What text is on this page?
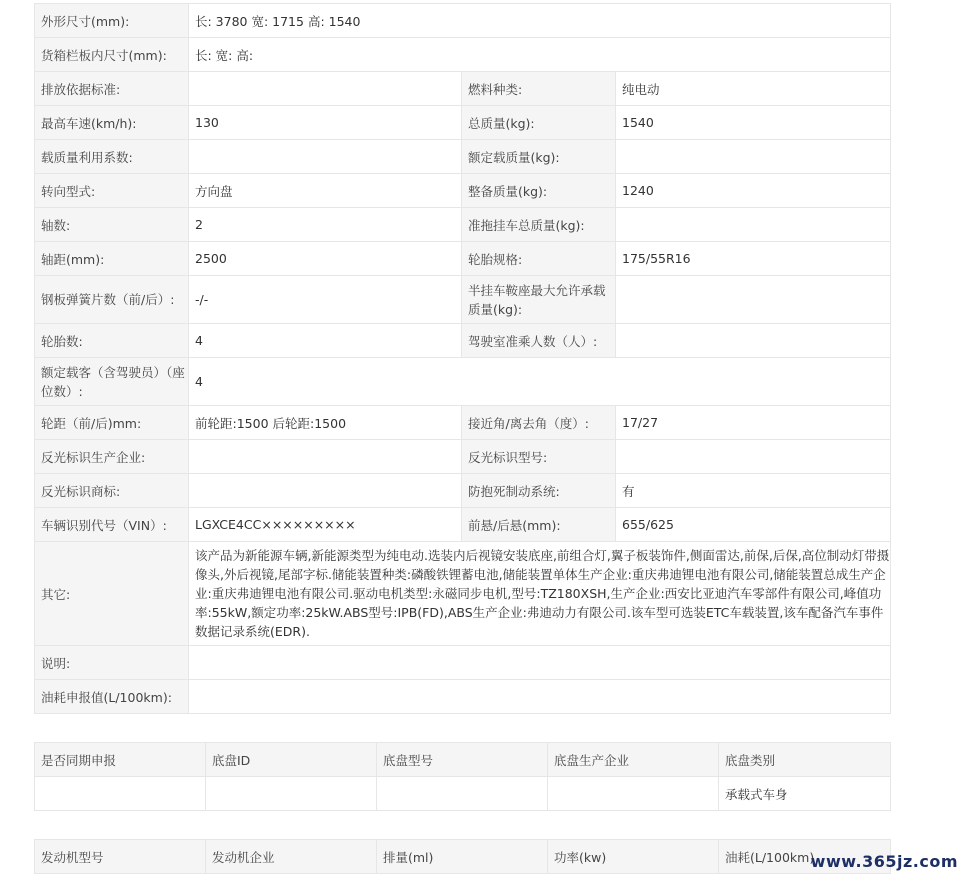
外形尺寸(mm):	长: 3780 宽: 1715 高: 1540		
货箱栏板内尺寸(mm):	长: 宽: 高:		
排放依据标准:		燃料种类:	纯电动
最高车速(km/h):	130	总质量(kg):	1540
载质量利用系数:		额定载质量(kg):	
转向型式:	方向盘	整备质量(kg):	1240
轴数:	2	准拖挂车总质量(kg):	
轴距(mm):	2500	轮胎规格:	175/55R16
钢板弹簧片数（前/后）:	-/-	半挂车鞍座最大允许承载质量(kg):	
轮胎数:	4	驾驶室准乘人数（人）:	
额定载客（含驾驶员）（座位数）:	4		
轮距（前/后)mm:	前轮距:1500 后轮距:1500	接近角/离去角（度）:	17/27
反光标识生产企业:		反光标识型号:	
反光标识商标:		防抱死制动系统:	有
车辆识别代号（VIN）:	LGXCE4CC×××××××××	前悬/后悬(mm):	655/625
其它:	该产品为新能源车辆,新能源类型为纯电动.选装内后视镜安装底座,前组合灯,翼子板装饰件,侧面雷达,前保,后保,高位制动灯带摄像头,外后视镜,尾部字标.储能装置种类:磷酸铁锂蓄电池,储能装置单体生产企业:重庆弗迪锂电池有限公司,储能装置总成生产企业:重庆弗迪锂电池有限公司.驱动电机类型:永磁同步电机,型号:TZ180XSH,生产企业:西安比亚迪汽车零部件有限公司,峰值功率:55kW,额定功率:25kW.ABS型号:IPB(FD),ABS生产企业:弗迪动力有限公司.该车型可选装ETC车载装置,该车配备汽车事件数据记录系统(EDR).		
说明:			
油耗申报值(L/100km):			
是否同期申报	底盘ID	底盘型号	底盘生产企业	底盘类别
				承载式车身
发动机型号	发动机企业	排量(ml)	功率(kw)	油耗(L/100km)
www.365jz.com
